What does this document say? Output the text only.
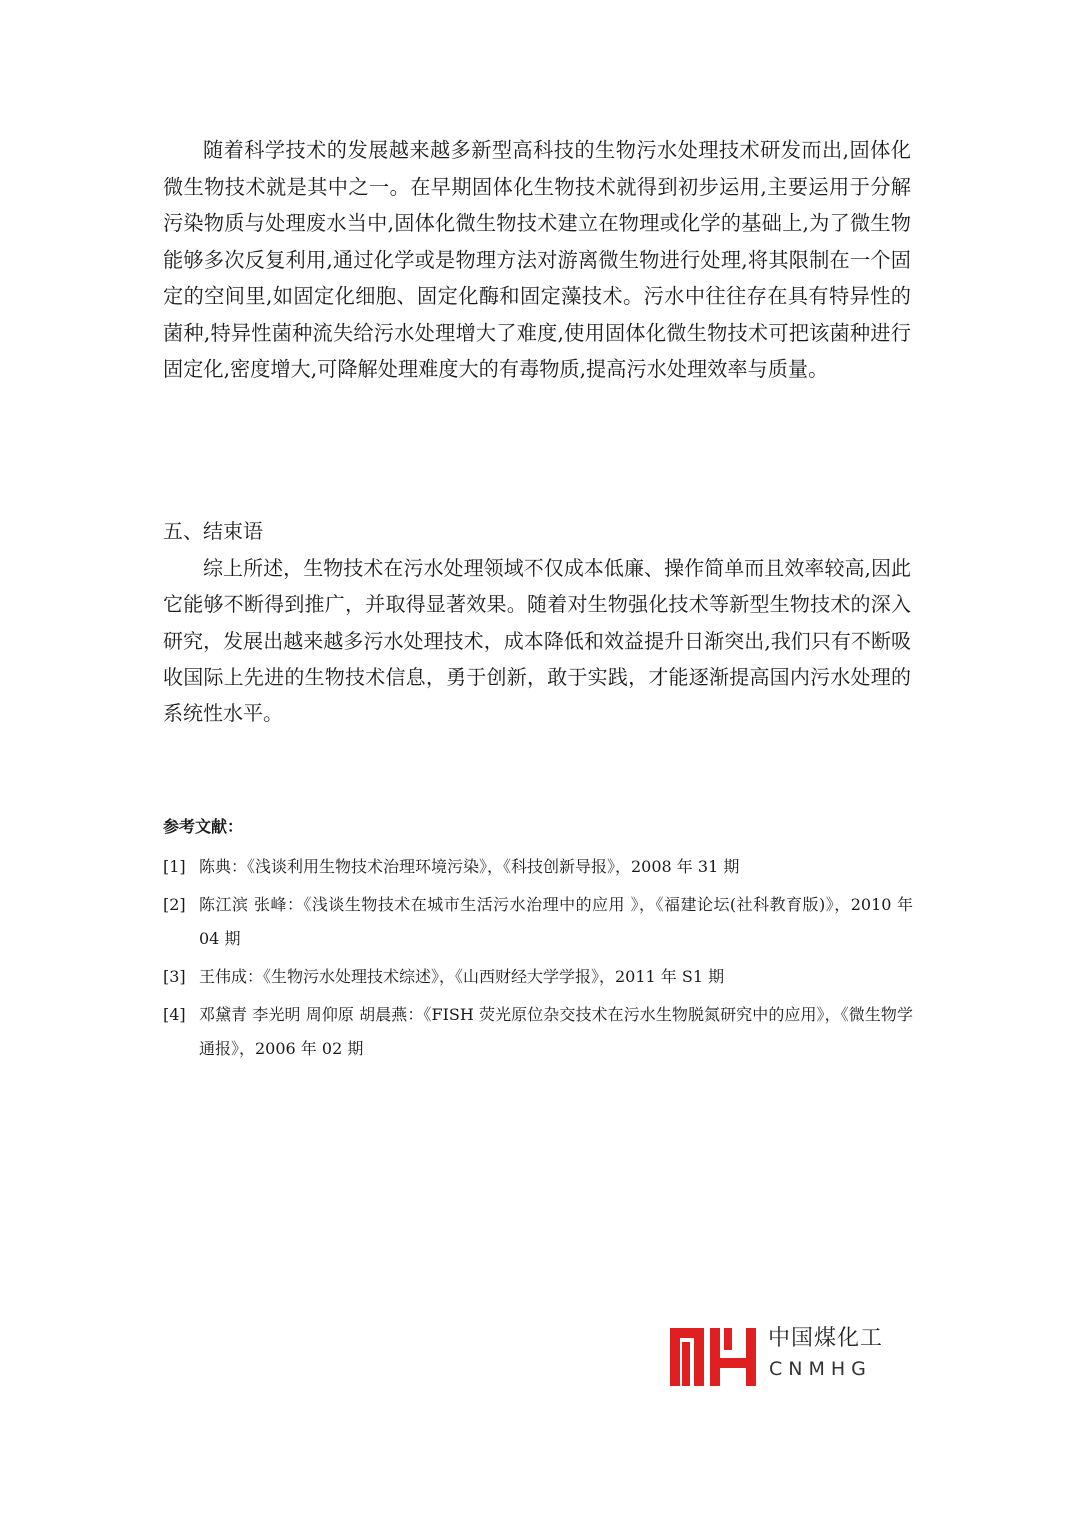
随着科学技术的发展越来越多新型高科技的生物污水处理技术研发而出,固体化微生物技术就是其中之一。在早期固体化生物技术就得到初步运用,主要运用于分解污染物质与处理废水当中,固体化微生物技术建立在物理或化学的基础上,为了微生物能够多次反复利用,通过化学或是物理方法对游离微生物进行处理,将其限制在一个固定的空间里,如固定化细胞、固定化酶和固定藻技术。污水中往往存在具有特异性的菌种,特异性菌种流失给污水处理增大了难度,使用固体化微生物技术可把该菌种进行固定化,密度增大,可降解处理难度大的有毒物质,提高污水处理效率与质量。

五、结束语

综上所述，生物技术在污水处理领域不仅成本低廉、操作简单而且效率较高,因此它能够不断得到推广，并取得显著效果。随着对生物强化技术等新型生物技术的深入研究，发展出越来越多污水处理技术，成本降低和效益提升日渐突出,我们只有不断吸收国际上先进的生物技术信息，勇于创新，敢于实践，才能逐渐提高国内污水处理的系统性水平。

参考文献：
[1] 陈典：《浅谈利用生物技术治理环境污染》，《科技创新导报》，2008 年 31 期
[2] 陈江滨 张峰：《浅谈生物技术在城市生活污水治理中的应用 》，《福建论坛(社科教育版)》，2010 年 04 期
[3] 王伟成：《生物污水处理技术综述》，《山西财经大学学报》，2011 年 S1 期
[4] 邓黛青 李光明 周仰原 胡晨燕：《FISH 荧光原位杂交技术在污水生物脱氮研究中的应用》，《微生物学通报》，2006 年 02 期
中国煤化工
CNMHG
